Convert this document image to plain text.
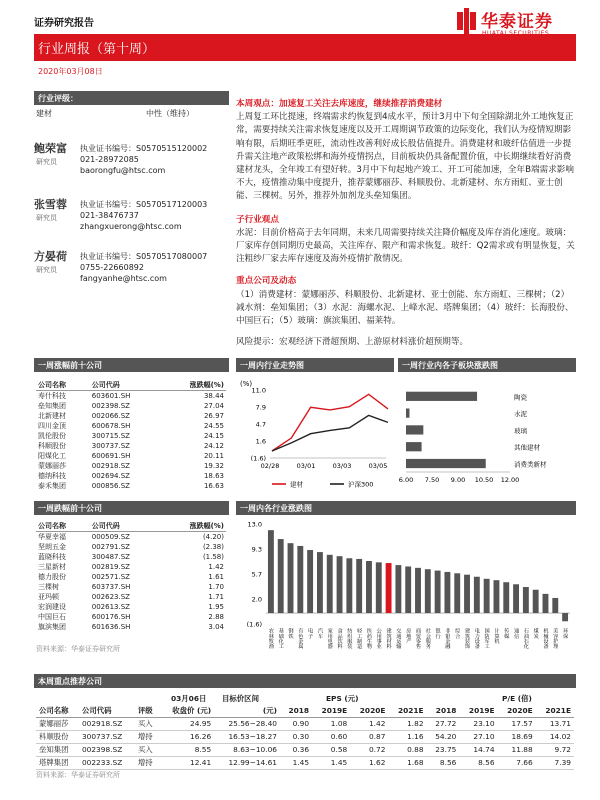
证券研究报告	华泰证券
行业周报（第十周）
2020年03月08日
行业评级：
建材	中性（维持）
鲍荣富
研究员
执业证书编号：S0570515120002
021-28972085
baorongfu@htsc.com
张雪蓉
研究员
执业证书编号：S0570517120003
021-38476737
zhangxuerong@htsc.com
方晏荷
研究员
执业证书编号：S0570517080007
0755-22660892
fangyanhe@htsc.com
本周观点：加速复工关注去库速度，继续推荐消费建材
上周复工环比提速，终端需求约恢复到4成水平，预计3月中下旬全国除湖北外工地恢复正常，需要持续关注需求恢复速度以及开工周期调节政策的边际变化，我们认为疫情短期影响有限，后期旺季更旺，流动性改善利好成长股估值提升。消费建材和玻纤估值进一步提升需关注地产政策松绑和海外疫情拐点，目前板块仍具备配置价值，中长期继续看好消费建材龙头，全年竣工有望好转。3月中下旬起地产竣工、开工可能加速，全年B端需求影响不大，疫情推动集中度提升，推荐蒙娜丽莎、科顺股份、北新建材、东方雨虹、亚士创能、三棵树。另外，推荐外加剂龙头垒知集团。
子行业观点
水泥：目前价格高于去年同期，未来几周需要持续关注降价幅度及库存消化速度。玻璃：厂家库存创同期历史最高，关注库存、限产和需求恢复。玻纤：Q2需求或有明显恢复，关注粗纱厂家去库存速度及海外疫情扩散情况。
重点公司及动态
（1）消费建材：蒙娜丽莎、科顺股份、北新建材、亚士创能、东方雨虹、三棵树；（2）减水剂：垒知集团；（3）水泥：海螺水泥、上峰水泥、塔牌集团；（4）玻纤：长海股份、中国巨石；（5）玻璃：旗滨集团、福莱特。
风险提示：宏观经济下滑超预期、上游原材料涨价超预期等。
一周涨幅前十公司
公司名称	公司代码	涨跌幅(%)
寿什科技	603601.SH	38.44
垒知集团	002398.SZ	27.04
北新建材	002066.SZ	26.97
四川金顶	600678.SH	24.55
凯伦股份	300715.SZ	24.15
科顺股份	300737.SZ	24.12
阳煤化工	600691.SH	20.11
蒙娜丽莎	002918.SZ	19.32
德纳科技	002694.SZ	18.63
泰禾集团	000856.SZ	16.63
一周跌幅前十公司
公司名称	公司代码	涨跌幅(%)
华夏幸福	000509.SZ	(4.20)
坚朗五金	002791.SZ	(2.38)
蓝晓科技	300487.SZ	(1.58)
三星新材	002819.SZ	1.42
德力股份	002571.SZ	1.61
三棵树	603737.SH	1.70
亚玛顿	002623.SZ	1.71
宏润建设	002613.SZ	1.95
中国巨石	600176.SH	2.88
旗滨集团	601636.SH	3.04
资料来源：华泰证券研究所
一周内行业走势图
(%)
11.0
7.9
4.7
1.6
(1.6)
02/28	03/01	03/03	03/05
建材	沪深300
一周行业内各子板块涨跌图
陶瓷
水泥
玻璃
其他建材
消费类新材
6.00 7.50 9.00 10.50 12.00
一周内各行业涨跌图
13.0
9.3
5.7
2.0
(1.6)
农林牧渔 基础化工 钢铁 有色金属 电子 汽车 家用电器 食品饮料 纺织服装 轻工制造 医药生物 公用事业 建筑材料 交通运输 房地产 商贸零售 社会服务 银行 非银金融 综合 建筑装饰 电力设备 国防军工 计算机 传媒 通信 石油石化 煤炭 机械设备 美容护理 环保
本周重点推荐公司
03月06日 目标价区间	EPS (元)	P/E (倍)
公司名称	公司代码	评级	收盘价 (元)	(元)	2018	2019E	2020E	2021E	2018	2019E	2020E	2021E
蒙娜丽莎	002918.SZ	买入	24.95	25.56~28.40	0.90	1.08	1.42	1.82	27.72	23.10	17.57	13.71
科顺股份	300737.SZ	增持	16.26	16.53~18.27	0.30	0.60	0.87	1.16	54.20	27.10	18.69	14.02
垒知集团	002398.SZ	买入	8.55	8.63~10.06	0.36	0.58	0.72	0.88	23.75	14.74	11.88	9.72
塔牌集团	002233.SZ	增持	12.41	12.99~14.61	1.45	1.45	1.62	1.68	8.56	8.56	7.66	7.39
资料来源：华泰证券研究所
